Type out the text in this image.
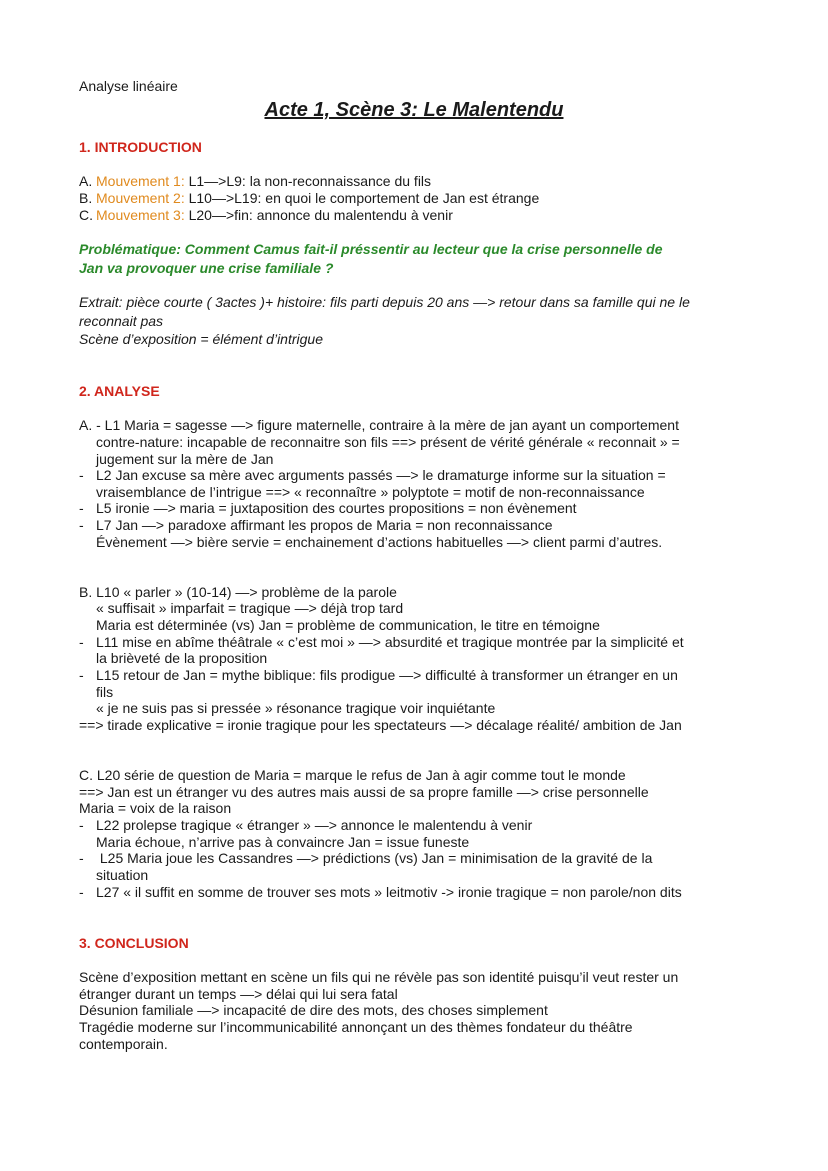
Analyse linéaire
Acte 1, Scène 3: Le Malentendu
1. INTRODUCTION
A. Mouvement 1: L1—>L9: la non-reconnaissance du fils
B. Mouvement 2: L10—>L19: en quoi le comportement de Jan est étrange
C. Mouvement 3: L20—>fin: annonce du malentendu à venir
Problématique: Comment Camus fait-il préssentir au lecteur que la crise personnelle de
Jan va provoquer une crise familiale ?
Extrait: pièce courte ( 3actes )+ histoire: fils parti depuis 20 ans —> retour dans sa famille qui ne le
reconnait pas
Scène d’exposition = élément d’intrigue
2. ANALYSE
A. - L1 Maria = sagesse —> figure maternelle, contraire à la mère de jan ayant un comportement
contre-nature: incapable de reconnaitre son fils ==> présent de vérité générale « reconnait » =
jugement sur la mère de Jan
- L2 Jan excuse sa mère avec arguments passés —> le dramaturge informe sur la situation =
vraisemblance de l’intrigue ==> « reconnaître » polyptote = motif de non-reconnaissance
- L5 ironie —> maria = juxtaposition des courtes propositions = non évènement
- L7 Jan —> paradoxe affirmant les propos de Maria = non reconnaissance
Évènement —> bière servie = enchainement d’actions habituelles —> client parmi d’autres.
B. L10 « parler » (10-14) —> problème de la parole
« suffisait » imparfait = tragique —> déjà trop tard
Maria est déterminée (vs) Jan = problème de communication, le titre en témoigne
- L11 mise en abîme théâtrale « c’est moi » —> absurdité et tragique montrée par la simplicité et
la brièveté de la proposition
- L15 retour de Jan = mythe biblique: fils prodigue —> difficulté à transformer un étranger en un
fils
« je ne suis pas si pressée » résonance tragique voir inquiétante
==> tirade explicative = ironie tragique pour les spectateurs —> décalage réalité/ ambition de Jan
C. L20 série de question de Maria = marque le refus de Jan à agir comme tout le monde
==> Jan est un étranger vu des autres mais aussi de sa propre famille —> crise personnelle
Maria = voix de la raison
- L22 prolepse tragique « étranger » —> annonce le malentendu à venir
Maria échoue, n’arrive pas à convaincre Jan = issue funeste
- L25 Maria joue les Cassandres —> prédictions (vs) Jan = minimisation de la gravité de la
situation
- L27 « il suffit en somme de trouver ses mots » leitmotiv -> ironie tragique = non parole/non dits
3. CONCLUSION
Scène d’exposition mettant en scène un fils qui ne révèle pas son identité puisqu’il veut rester un
étranger durant un temps —> délai qui lui sera fatal
Désunion familiale —> incapacité de dire des mots, des choses simplement
Tragédie moderne sur l’incommunicabilité annonçant un des thèmes fondateur du théâtre
contemporain.
